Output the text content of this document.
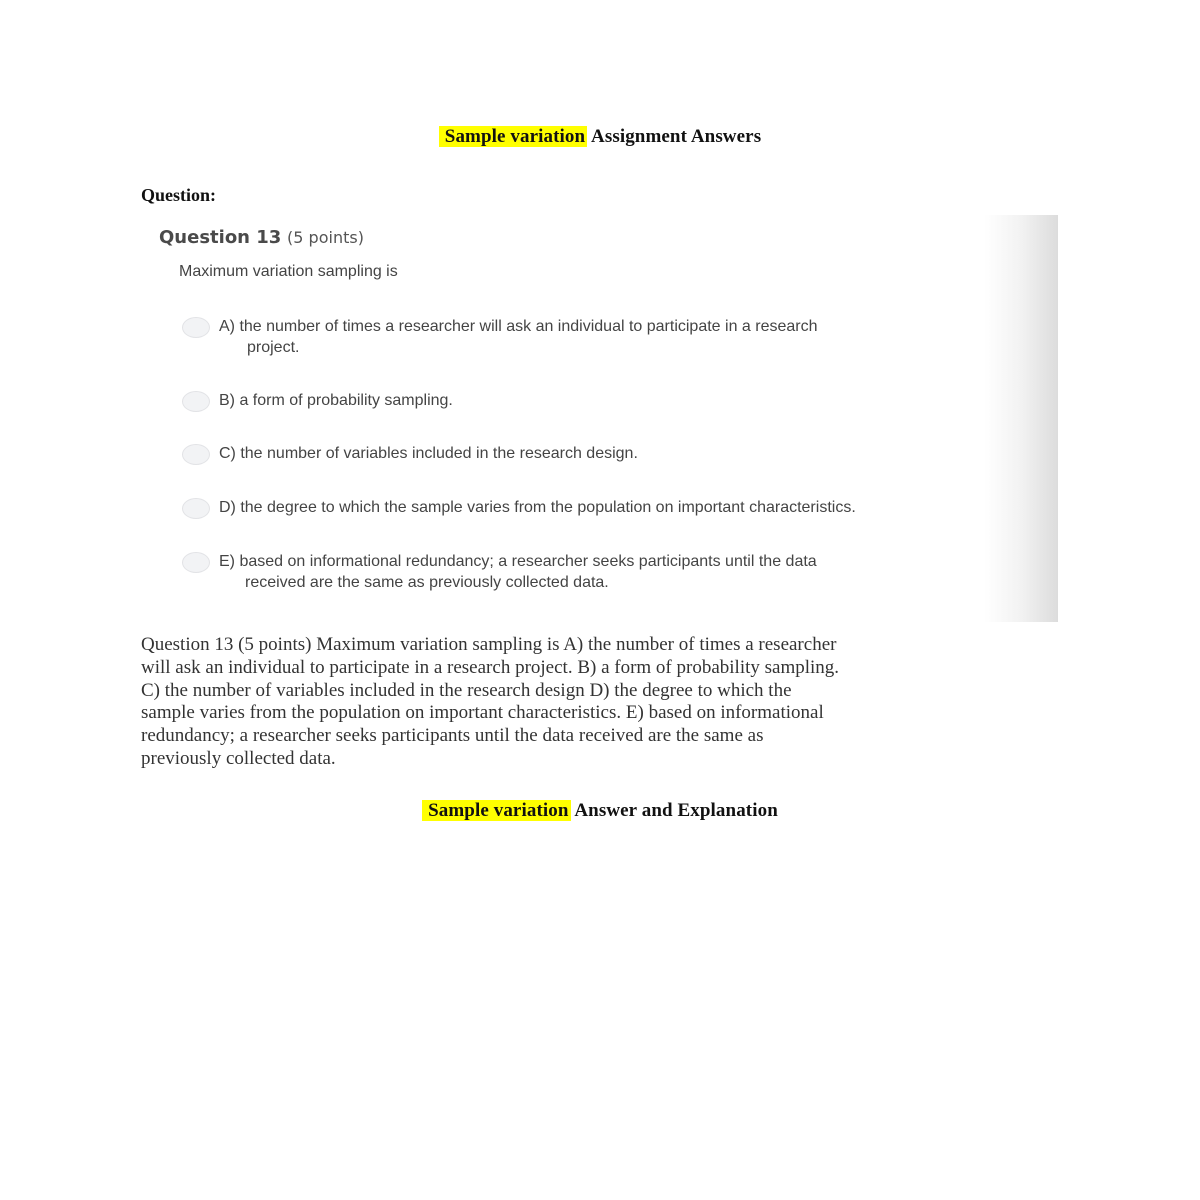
Sample variation Assignment Answers
Question:
Question 13 (5 points)
Maximum variation sampling is
A) the number of times a researcher will ask an individual to participate in a research
project.
B) a form of probability sampling.
C) the number of variables included in the research design.
D) the degree to which the sample varies from the population on important characteristics.
E) based on informational redundancy; a researcher seeks participants until the data
received are the same as previously collected data.
Question 13 (5 points) Maximum variation sampling is A) the number of times a researcher
will ask an individual to participate in a research project. B) a form of probability sampling.
C) the number of variables included in the research design D) the degree to which the
sample varies from the population on important characteristics. E) based on informational
redundancy; a researcher seeks participants until the data received are the same as
previously collected data.
Sample variation Answer and Explanation
